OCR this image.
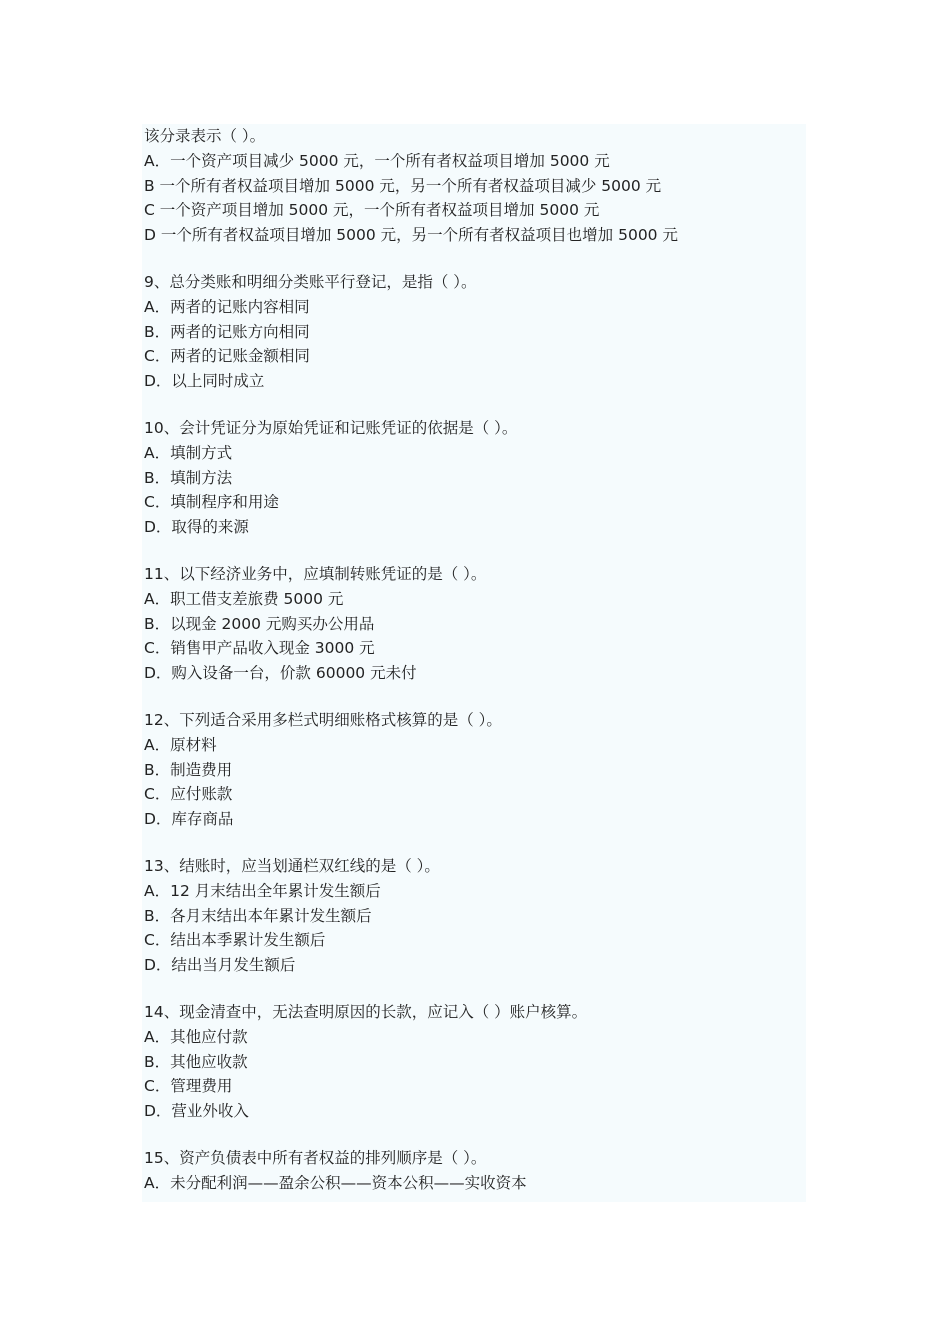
该分录表示（ ）。
A．一个资产项目减少 5000 元，一个所有者权益项目增加 5000 元
B 一个所有者权益项目增加 5000 元，另一个所有者权益项目减少 5000 元
C 一个资产项目增加 5000 元，一个所有者权益项目增加 5000 元
D 一个所有者权益项目增加 5000 元，另一个所有者权益项目也增加 5000 元
9、总分类账和明细分类账平行登记，是指（ ）。
A．两者的记账内容相同
B．两者的记账方向相同
C．两者的记账金额相同
D．以上同时成立
10、会计凭证分为原始凭证和记账凭证的依据是（ ）。
A．填制方式
B．填制方法
C．填制程序和用途
D．取得的来源
11、以下经济业务中，应填制转账凭证的是（ ）。
A．职工借支差旅费 5000 元
B．以现金 2000 元购买办公用品
C．销售甲产品收入现金 3000 元
D．购入设备一台，价款 60000 元未付
12、下列适合采用多栏式明细账格式核算的是（ ）。
A．原材料
B．制造费用
C．应付账款
D．库存商品
13、结账时，应当划通栏双红线的是（ ）。
A．12 月末结出全年累计发生额后
B．各月末结出本年累计发生额后
C．结出本季累计发生额后
D．结出当月发生额后
14、现金清查中，无法查明原因的长款，应记入（ ）账户核算。
A．其他应付款
B．其他应收款
C．管理费用
D．营业外收入
15、资产负债表中所有者权益的排列顺序是（ ）。
A．未分配利润——盈余公积——资本公积——实收资本
